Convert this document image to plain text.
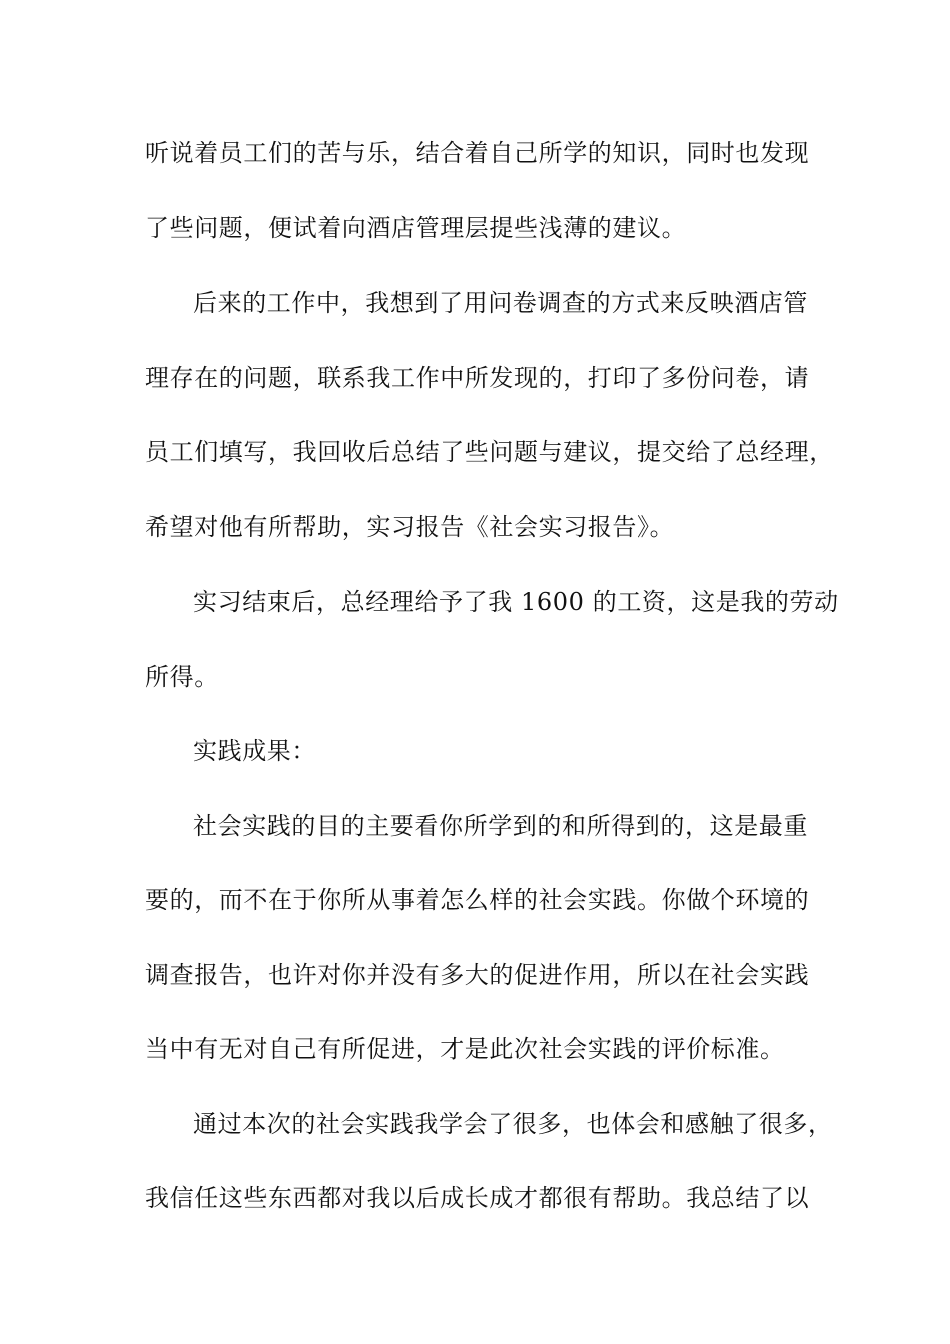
听说着员工们的苦与乐，结合着自己所学的知识，同时也发现
了些问题，便试着向酒店管理层提些浅薄的建议。
后来的工作中，我想到了用问卷调查的方式来反映酒店管
理存在的问题，联系我工作中所发现的，打印了多份问卷，请
员工们填写，我回收后总结了些问题与建议，提交给了总经理，
希望对他有所帮助，实习报告《社会实习报告》。
实习结束后，总经理给予了我 1600 的工资，这是我的劳动
所得。
实践成果：
社会实践的目的主要看你所学到的和所得到的，这是最重
要的，而不在于你所从事着怎么样的社会实践。你做个环境的
调查报告，也许对你并没有多大的促进作用，所以在社会实践
当中有无对自己有所促进，才是此次社会实践的评价标准。
通过本次的社会实践我学会了很多，也体会和感触了很多，
我信任这些东西都对我以后成长成才都很有帮助。我总结了以
